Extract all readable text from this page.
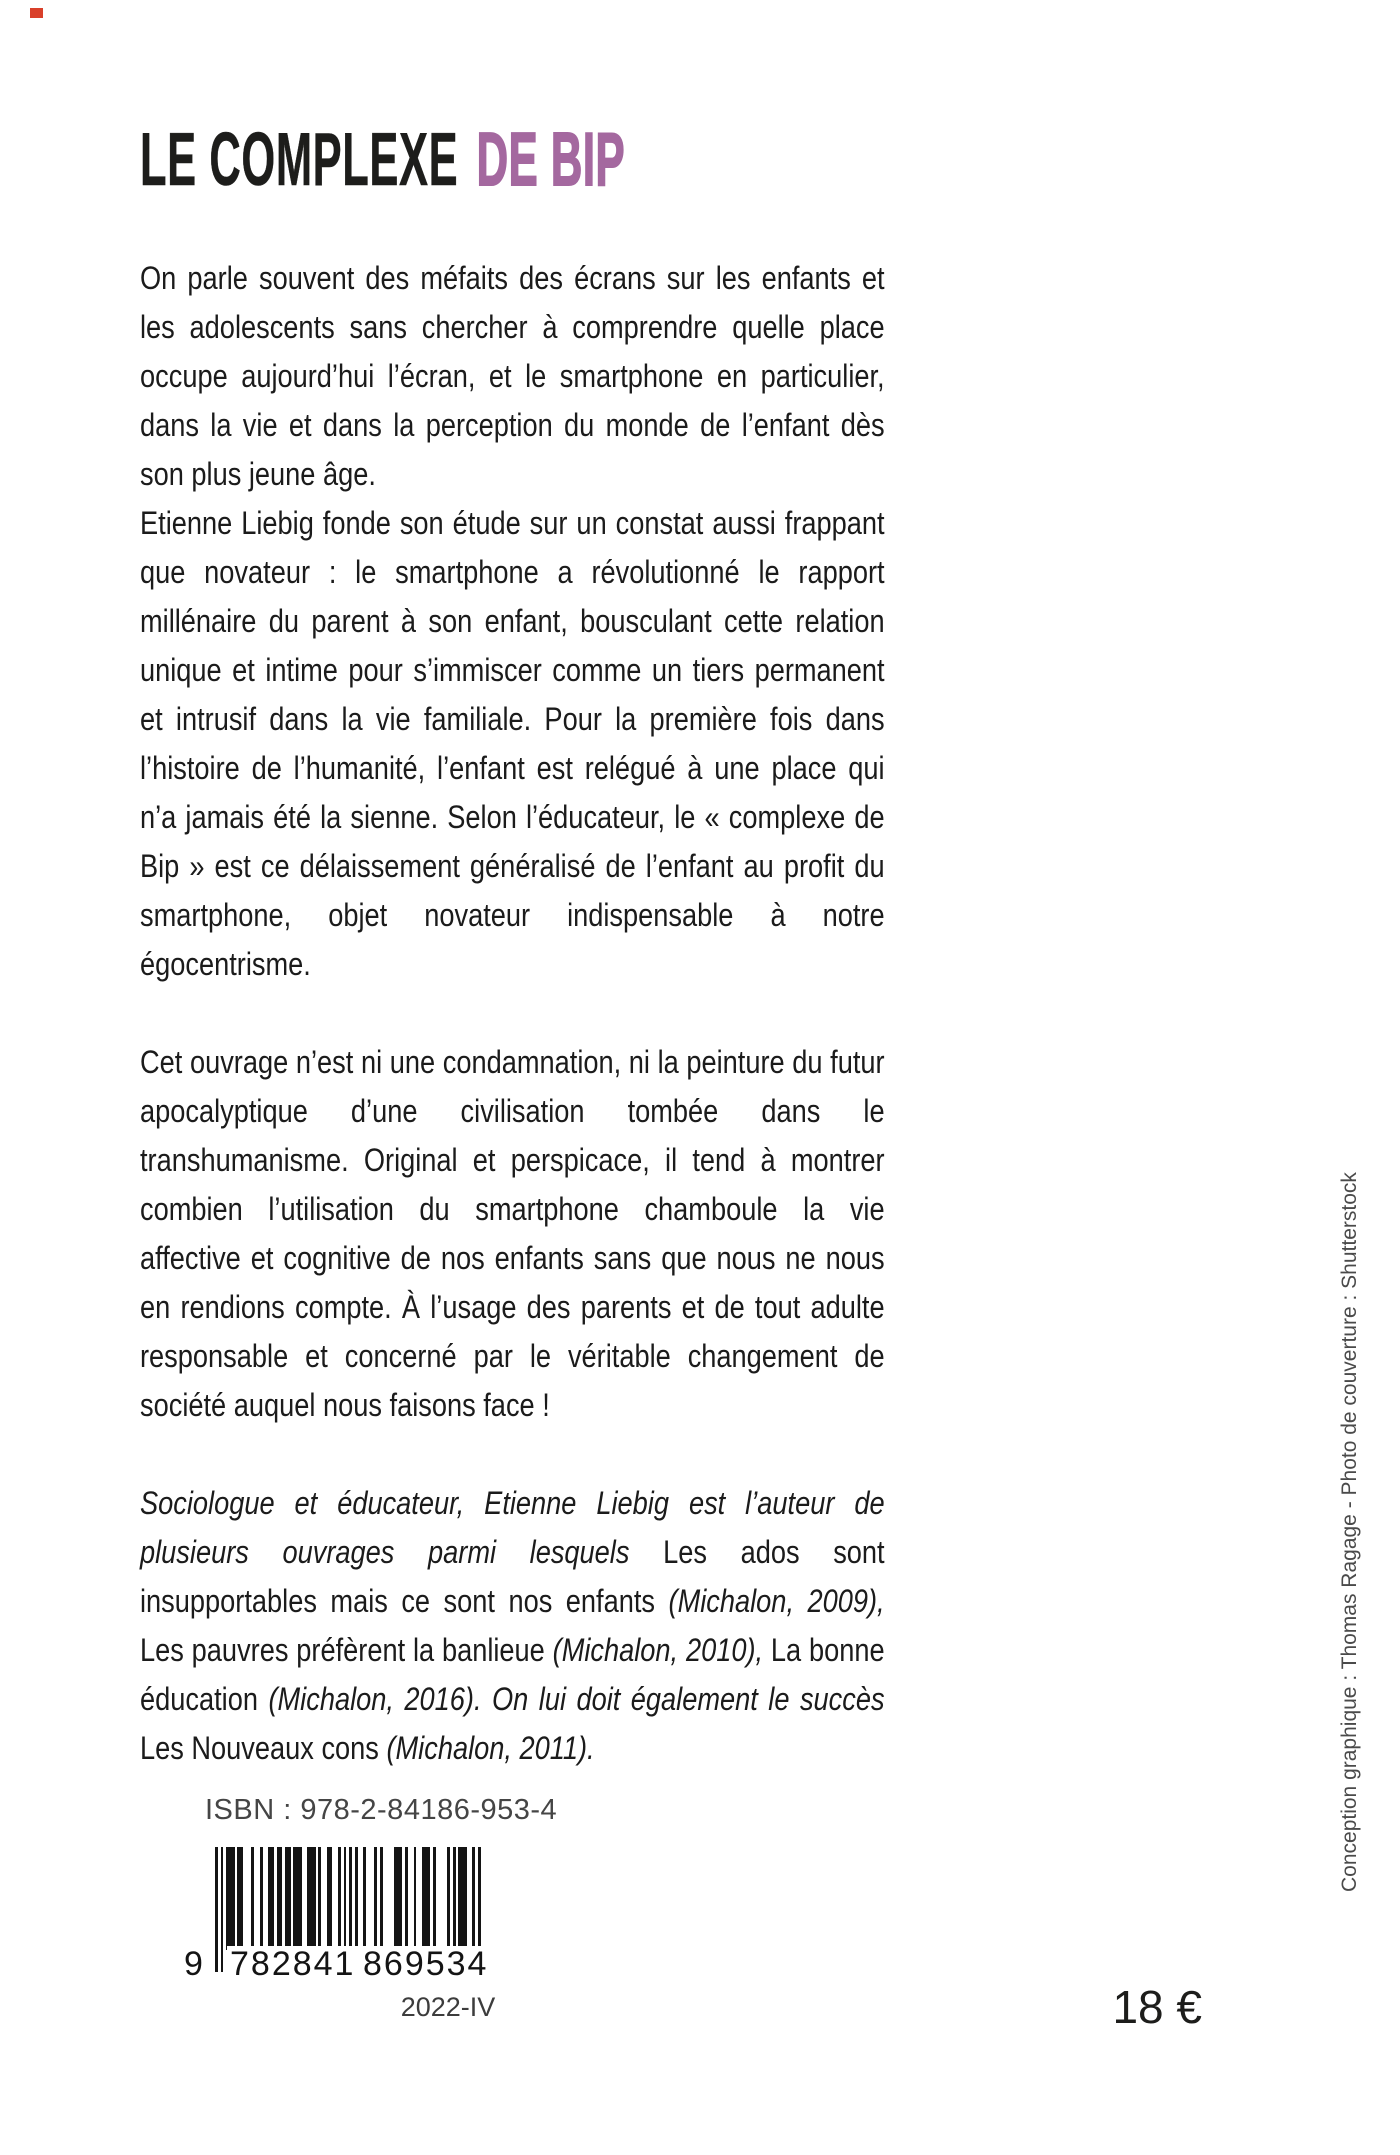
LE COMPLEXE DE BIP
On parle souvent des méfaits des écrans sur les enfants et les adolescents sans chercher à comprendre quelle place occupe aujourd’hui l’écran, et le smartphone en particulier, dans la vie et dans la perception du monde de l’enfant dès son plus jeune âge.
Etienne Liebig fonde son étude sur un constat aussi frappant que novateur : le smartphone a révolutionné le rapport millénaire du parent à son enfant, bousculant cette relation unique et intime pour s’immiscer comme un tiers permanent et intrusif dans la vie familiale. Pour la première fois dans l’histoire de l’humanité, l’enfant est relégué à une place qui n’a jamais été la sienne. Selon l’éducateur, le « complexe de Bip » est ce délaissement généralisé de l’enfant au profit du smartphone, objet novateur indispensable à notre égocentrisme.
Cet ouvrage n’est ni une condamnation, ni la peinture du futur apocalyptique d’une civilisation tombée dans le transhumanisme. Original et perspicace, il tend à montrer combien l’utilisation du smartphone chamboule la vie affective et cognitive de nos enfants sans que nous ne nous en rendions compte. À l’usage des parents et de tout adulte responsable et concerné par le véritable changement de société auquel nous faisons face !
Sociologue et éducateur, Etienne Liebig est l’auteur de plusieurs ouvrages parmi lesquels Les ados sont insupportables mais ce sont nos enfants (Michalon, 2009), Les pauvres préfèrent la banlieue (Michalon, 2010), La bonne éducation (Michalon, 2016). On lui doit également le succès Les Nouveaux cons (Michalon, 2011).
ISBN : 978-2-84186-953-4
9 782841 869534
2022-IV	18 €
Conception graphique : Thomas Ragage - Photo de couverture : Shutterstock
